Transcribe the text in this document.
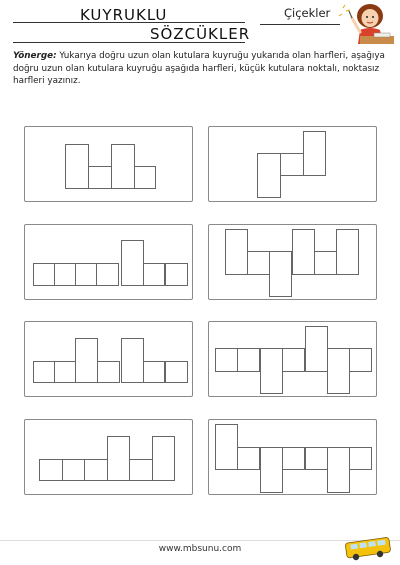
KUYRUKLU
SÖZCÜKLER
Çiçekler
Yönerge: Yukarıya doğru uzun olan kutulara kuyruğu yukarıda olan harfleri, aşağıya doğru uzun olan kutulara kuyruğu aşağıda harfleri, küçük kutulara noktalı, noktasız harfleri yazınız.
www.mbsunu.com
